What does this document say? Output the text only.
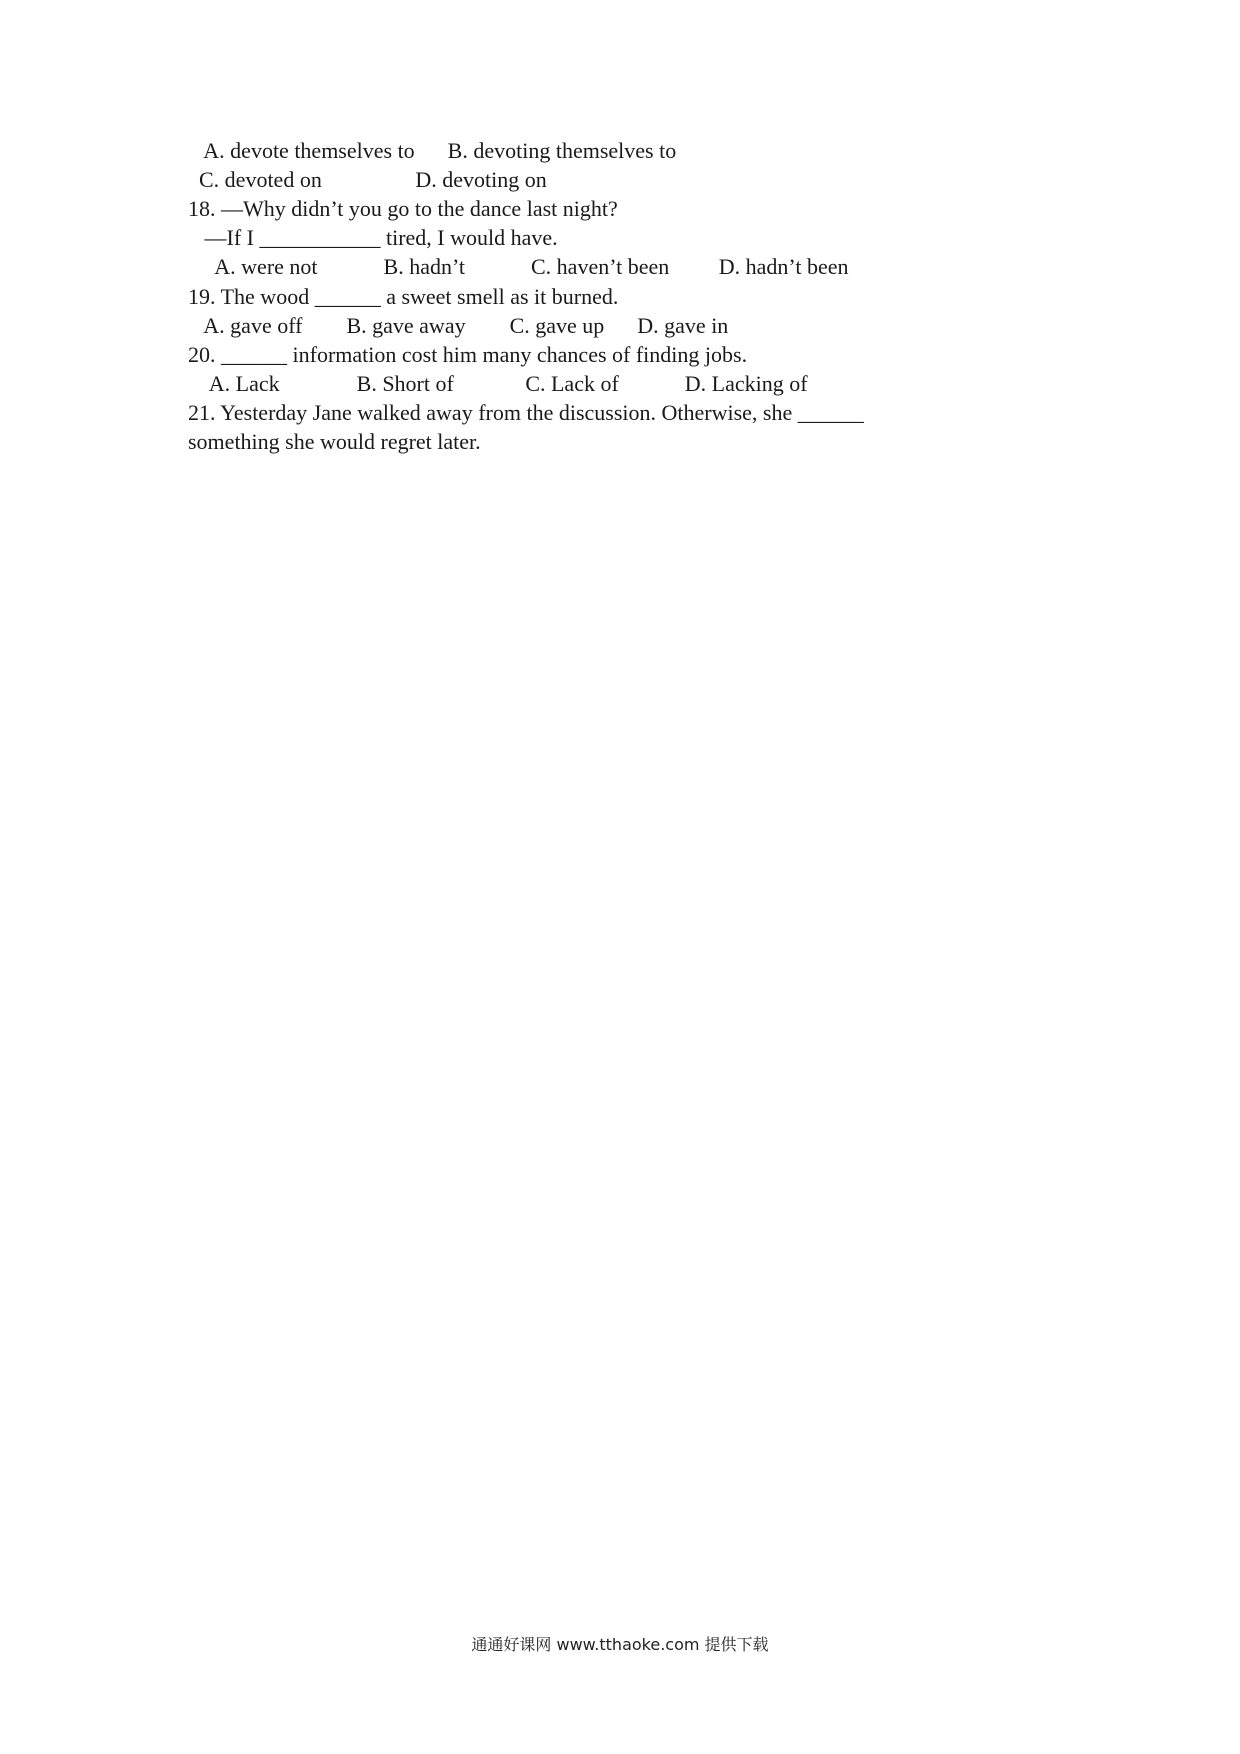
A. devote themselves to      B. devoting themselves to
C. devoted on                 D. devoting on
18. —Why didn’t you go to the dance last night?
—If I ___________ tired, I would have.
A. were not            B. hadn’t            C. haven’t been         D. hadn’t been
19. The wood ______ a sweet smell as it burned.
A. gave off        B. gave away        C. gave up      D. gave in
20. ______ information cost him many chances of finding jobs.
A. Lack              B. Short of             C. Lack of            D. Lacking of
21. Yesterday Jane walked away from the discussion. Otherwise, she ______
something she would regret later.
通通好课网 www.tthaoke.com 提供下载
